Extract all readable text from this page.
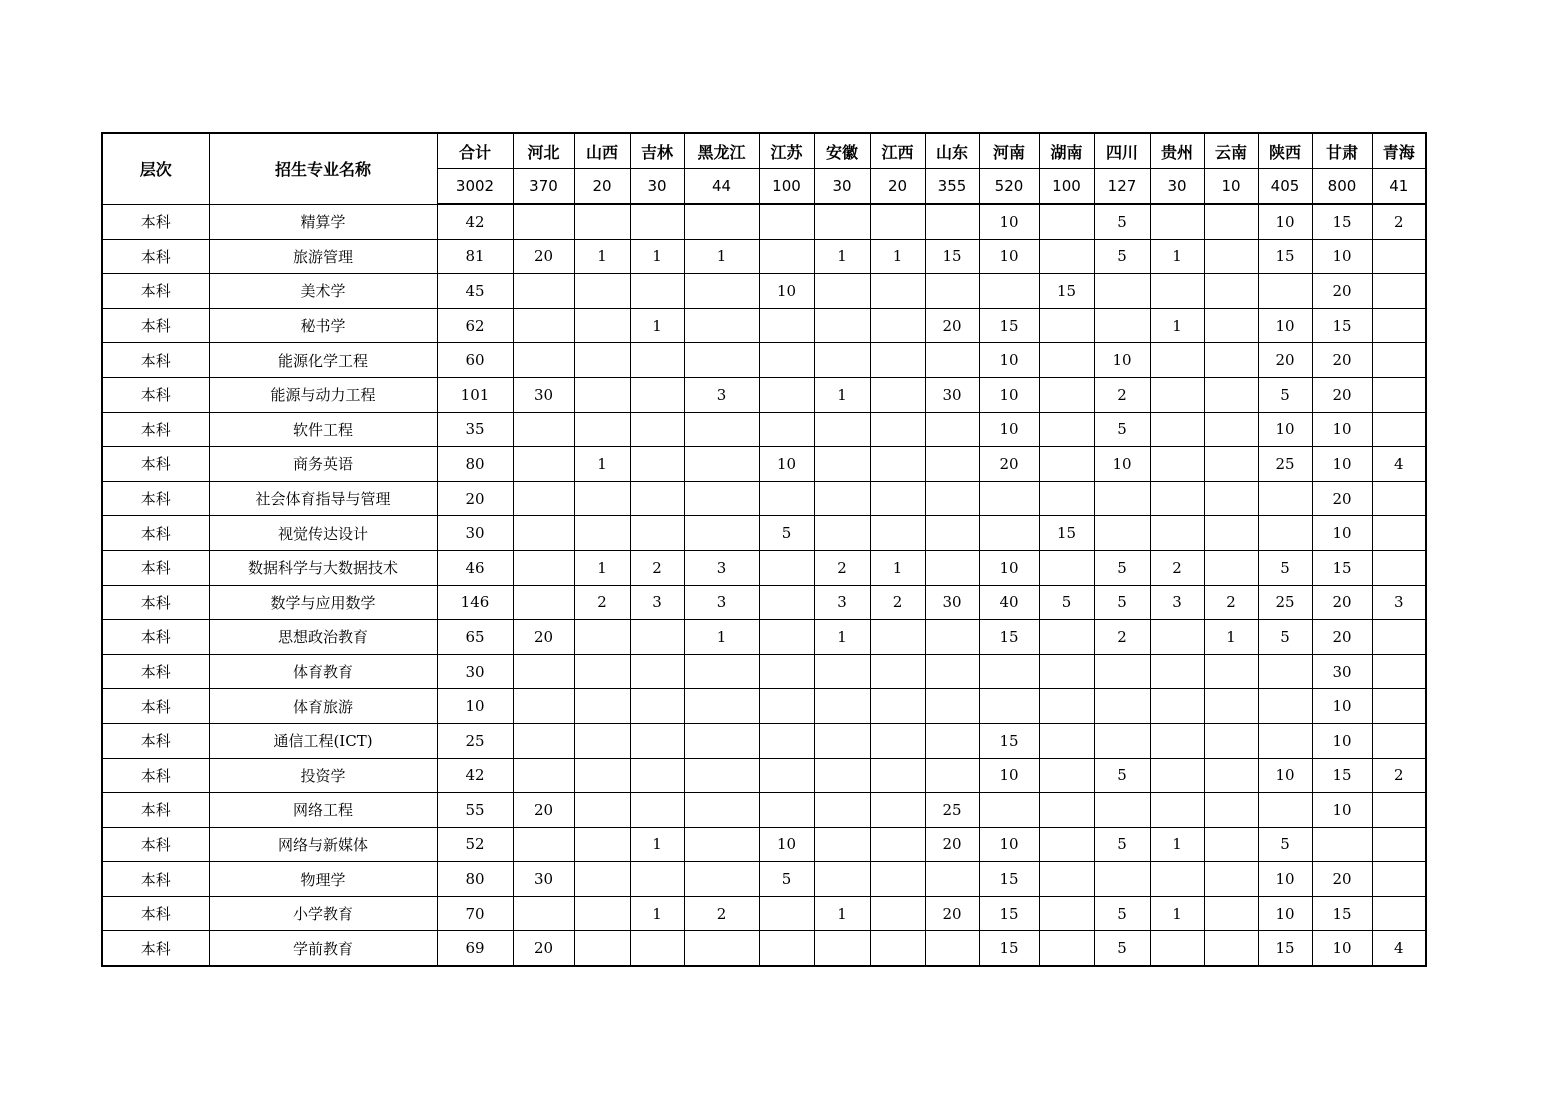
层次	招生专业名称	合计	河北	山西	吉林	黑龙江	江苏	安徽	江西	山东	河南	湖南	四川	贵州	云南	陕西	甘肃	青海
		3002	370	20	30	44	100	30	20	355	520	100	127	30	10	405	800	41
本科	精算学	42									10		5			10	15	2
本科	旅游管理	81	20	1	1	1		1	1	15	10		5	1		15	10	
本科	美术学	45					10					15					20	
本科	秘书学	62			1					20	15			1		10	15	
本科	能源化学工程	60									10		10			20	20	
本科	能源与动力工程	101	30			3		1		30	10		2			5	20	
本科	软件工程	35									10		5			10	10	
本科	商务英语	80		1			10				20		10			25	10	4
本科	社会体育指导与管理	20															20	
本科	视觉传达设计	30					5					15					10	
本科	数据科学与大数据技术	46		1	2	3		2	1		10		5	2		5	15	
本科	数学与应用数学	146		2	3	3		3	2	30	40	5	5	3	2	25	20	3
本科	思想政治教育	65	20			1		1			15		2		1	5	20	
本科	体育教育	30															30	
本科	体育旅游	10															10	
本科	通信工程(ICT)	25									15						10	
本科	投资学	42									10		5			10	15	2
本科	网络工程	55	20							25							10	
本科	网络与新媒体	52			1		10			20	10		5	1		5		
本科	物理学	80	30				5				15					10	20	
本科	小学教育	70			1	2		1		20	15		5	1		10	15	
本科	学前教育	69	20								15		5			15	10	4
